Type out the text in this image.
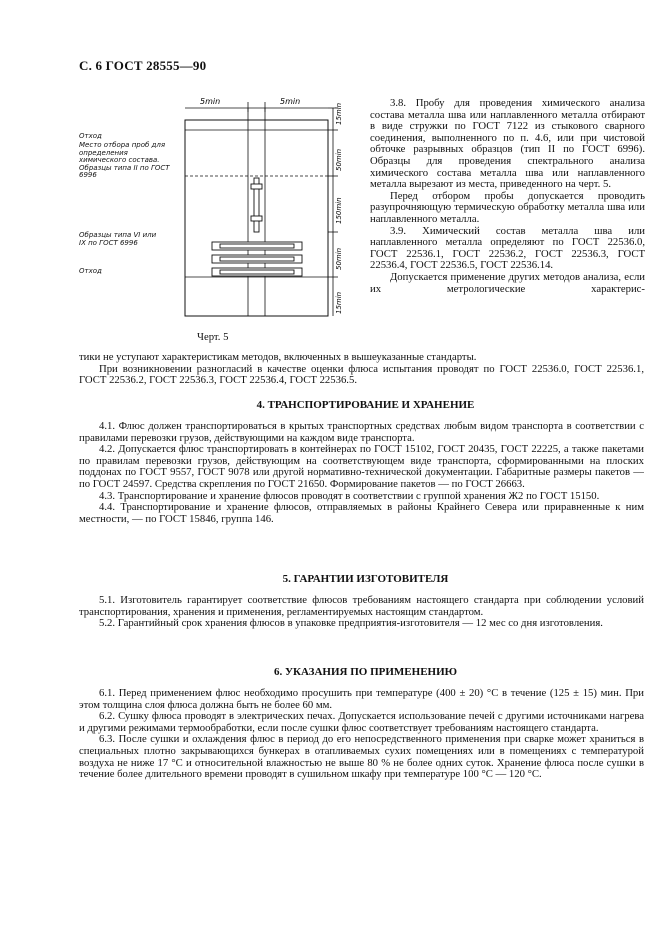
С. 6 ГОСТ 28555—90
5min	5min
15min
50min
150min
50min
15min
Отход
Место отбора проб для определения химического состава. Образцы типа II по ГОСТ 6996
Образцы типа VI или IX по ГОСТ 6996
Отход
Черт. 5

3.8. Пробу для проведения химического анализа состава металла шва или наплавленного металла отбирают в виде стружки по ГОСТ 7122 из стыкового сварного соединения, выполненного по п. 4.6, или при чистовой обточке разрывных образцов (тип II по ГОСТ 6996). Образцы для проведения спектрального анализа химического состава металла шва или наплавленного металла вырезают из места, приведенного на черт. 5.

Перед отбором пробы допускается проводить разупрочняющую термическую обработку металла шва или наплавленного металла.

3.9. Химический состав металла шва или наплавленного металла определяют по ГОСТ 22536.0, ГОСТ 22536.1, ГОСТ 22536.2, ГОСТ 22536.3, ГОСТ 22536.4, ГОСТ 22536.5, ГОСТ 22536.14.

Допускается применение других методов анализа, если их метрологические характерис-

тики не уступают характеристикам методов, включенных в вышеуказанные стандарты.

При возникновении разногласий в качестве оценки флюса испытания проводят по ГОСТ 22536.0, ГОСТ 22536.1, ГОСТ 22536.2, ГОСТ 22536.3, ГОСТ 22536.4, ГОСТ 22536.5.

4. ТРАНСПОРТИРОВАНИЕ И ХРАНЕНИЕ

4.1. Флюс должен транспортироваться в крытых транспортных средствах любым видом транспорта в соответствии с правилами перевозки грузов, действующими на каждом виде транспорта.

4.2. Допускается флюс транспортировать в контейнерах по ГОСТ 15102, ГОСТ 20435, ГОСТ 22225, а также пакетами по правилам перевозки грузов, действующим на соответствующем виде транспорта, сформированными на плоских поддонах по ГОСТ 9557, ГОСТ 9078 или другой нормативно-технической документации. Габаритные размеры пакетов — по ГОСТ 24597. Средства скрепления по ГОСТ 21650. Формирование пакетов — по ГОСТ 26663.

4.3. Транспортирование и хранение флюсов проводят в соответствии с группой хранения Ж2 по ГОСТ 15150.

4.4. Транспортирование и хранение флюсов, отправляемых в районы Крайнего Севера или приравненные к ним местности, — по ГОСТ 15846, группа 146.

5. ГАРАНТИИ ИЗГОТОВИТЕЛЯ

5.1. Изготовитель гарантирует соответствие флюсов требованиям настоящего стандарта при соблюдении условий транспортирования, хранения и применения, регламентируемых настоящим стандартом.

5.2. Гарантийный срок хранения флюсов в упаковке предприятия-изготовителя — 12 мес со дня изготовления.

6. УКАЗАНИЯ ПО ПРИМЕНЕНИЮ

6.1. Перед применением флюс необходимо просушить при температуре (400 ± 20) °С в течение (125 ± 15) мин. При этом толщина слоя флюса должна быть не более 60 мм.

6.2. Сушку флюса проводят в электрических печах. Допускается использование печей с другими источниками нагрева и другими режимами термообработки, если после сушки флюс соответствует требованиям настоящего стандарта.

6.3. После сушки и охлаждения флюс в период до его непосредственного применения при сварке может храниться в специальных плотно закрывающихся бункерах в отапливаемых сухих помещениях или в помещениях с температурой воздуха не ниже 17 °С и относительной влажностью не выше 80 % не более одних суток. Хранение флюса после сушки в течение более длительного времени проводят в сушильном шкафу при температуре 100 °С — 120 °С.
